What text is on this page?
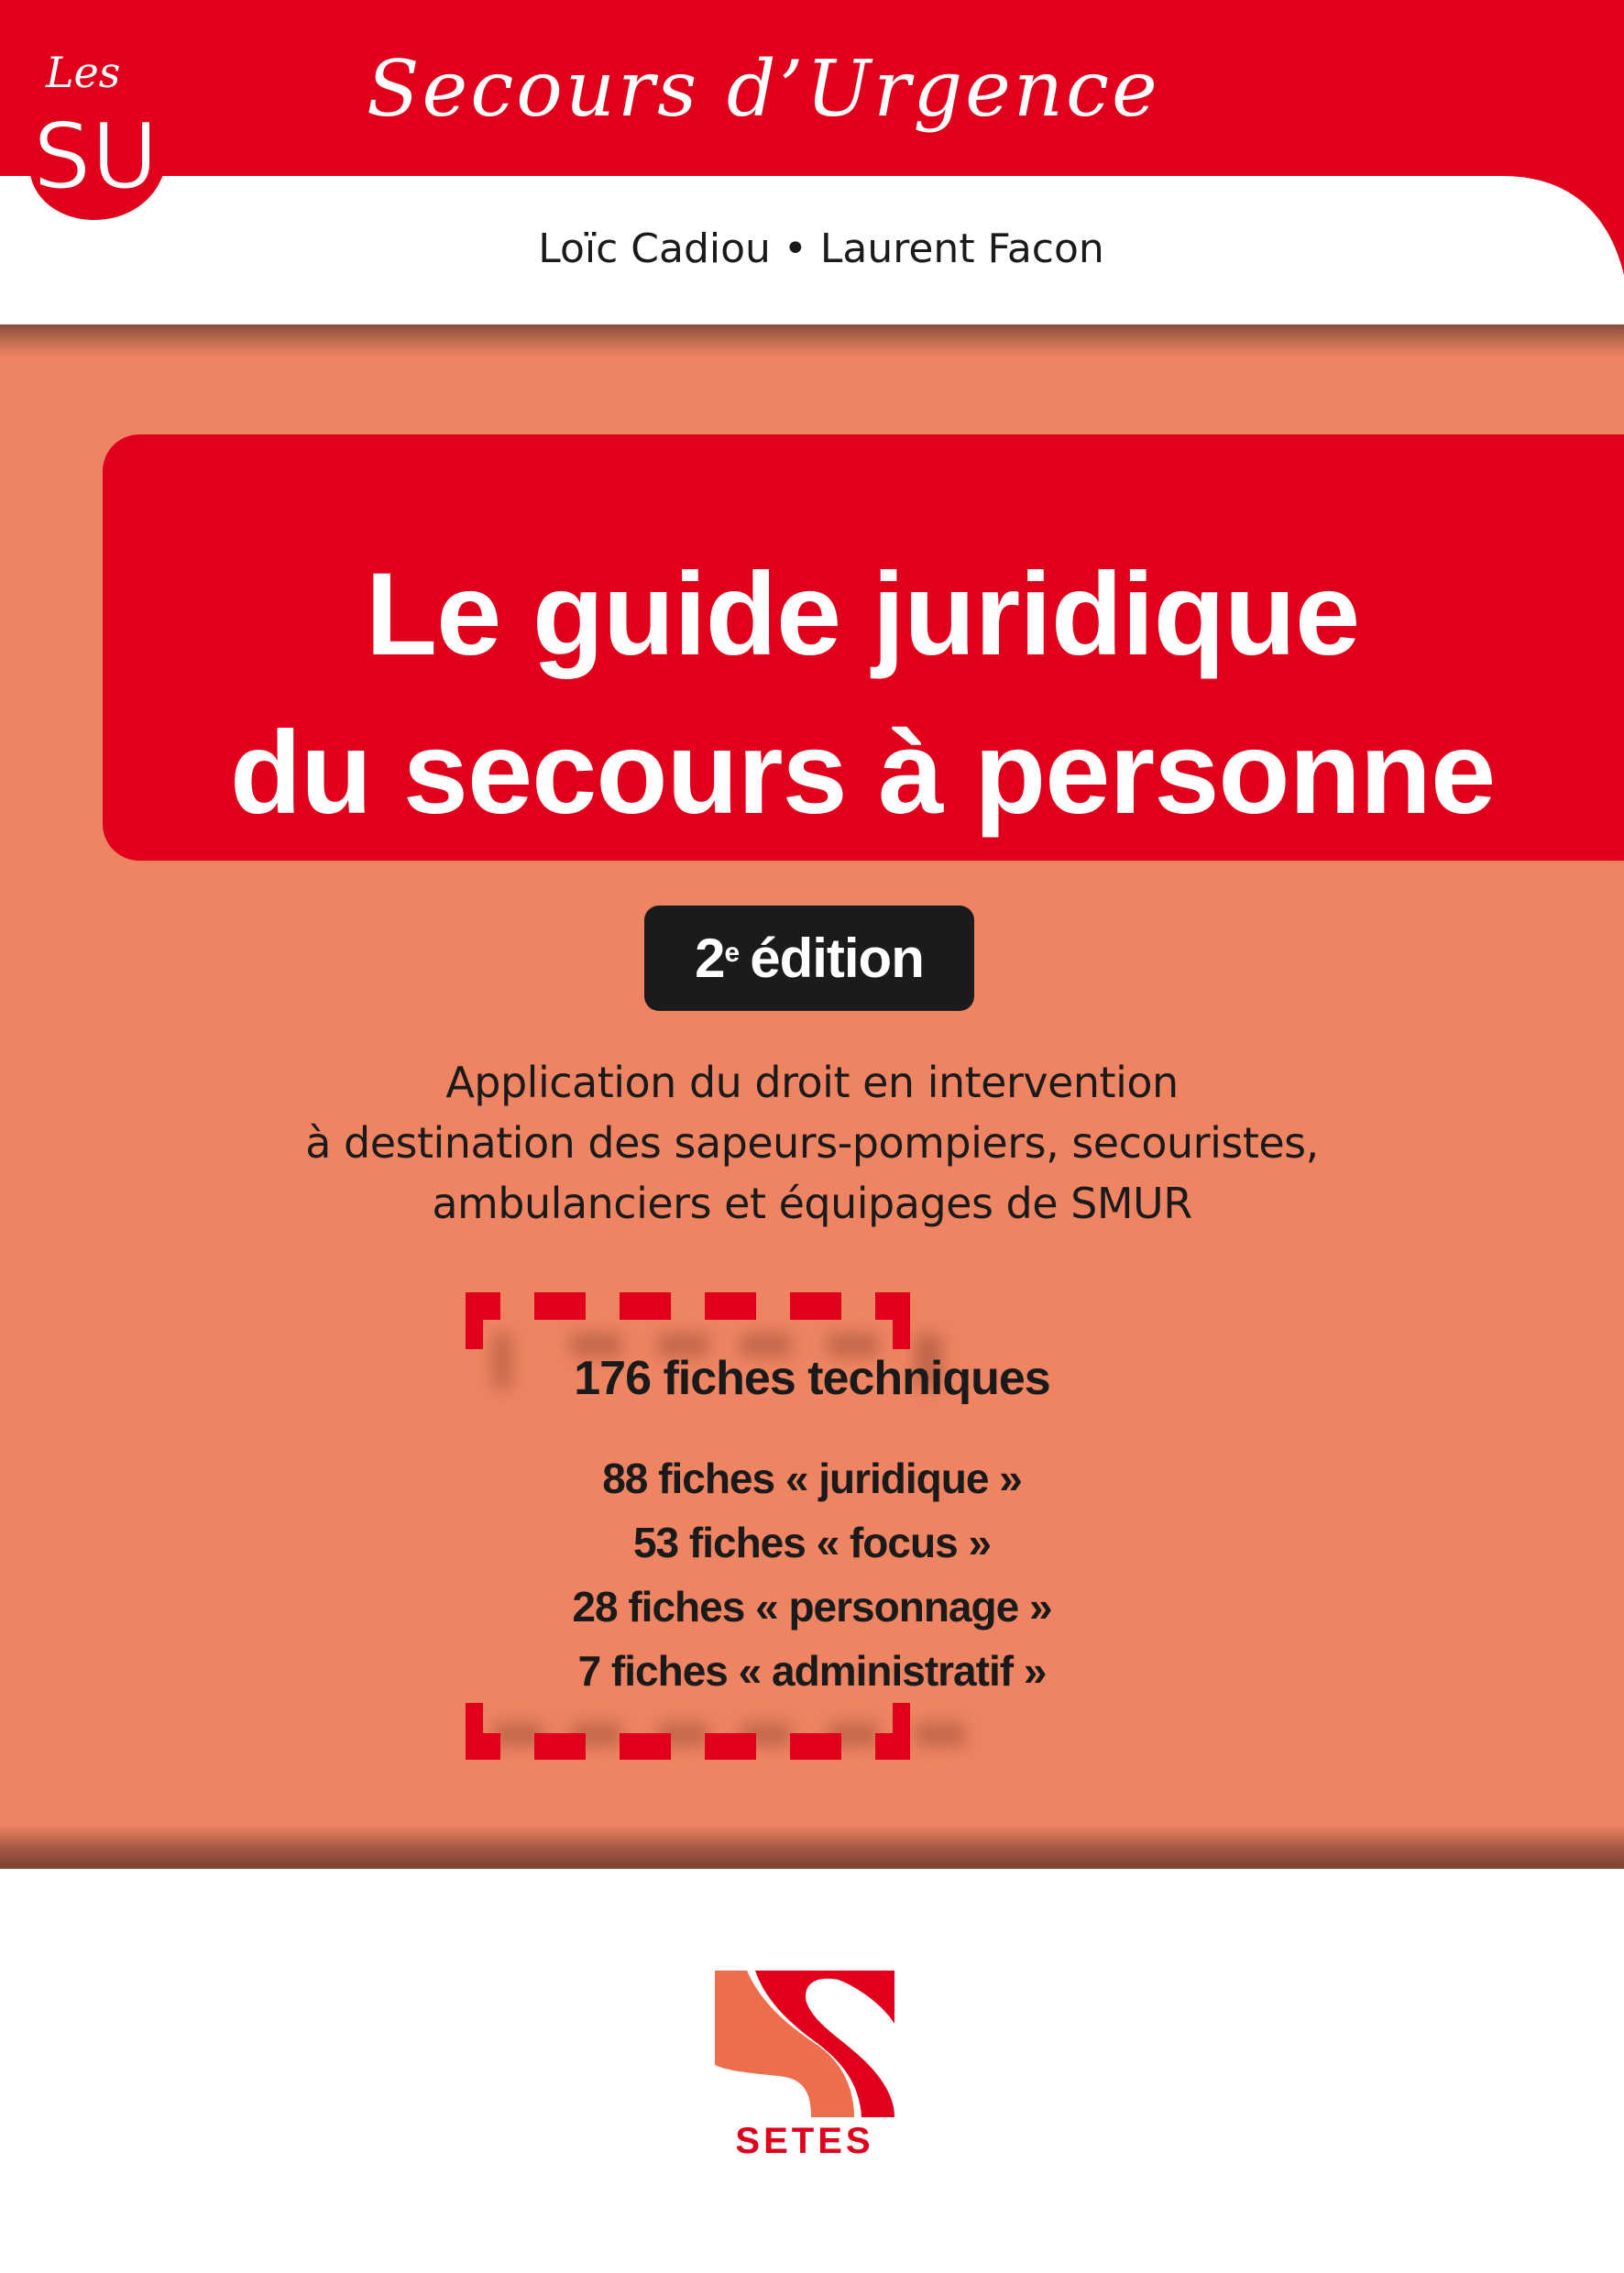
Les
SU
Secours d’Urgence
Loïc Cadiou • Laurent Facon
Le guide juridique
du secours à personne
2e édition
Application du droit en intervention
à destination des sapeurs-pompiers, secouristes,
ambulanciers et équipages de SMUR
176 fiches techniques
88 fiches « juridique »
53 fiches « focus »
28 fiches « personnage »
7 fiches « administratif »
SETES
